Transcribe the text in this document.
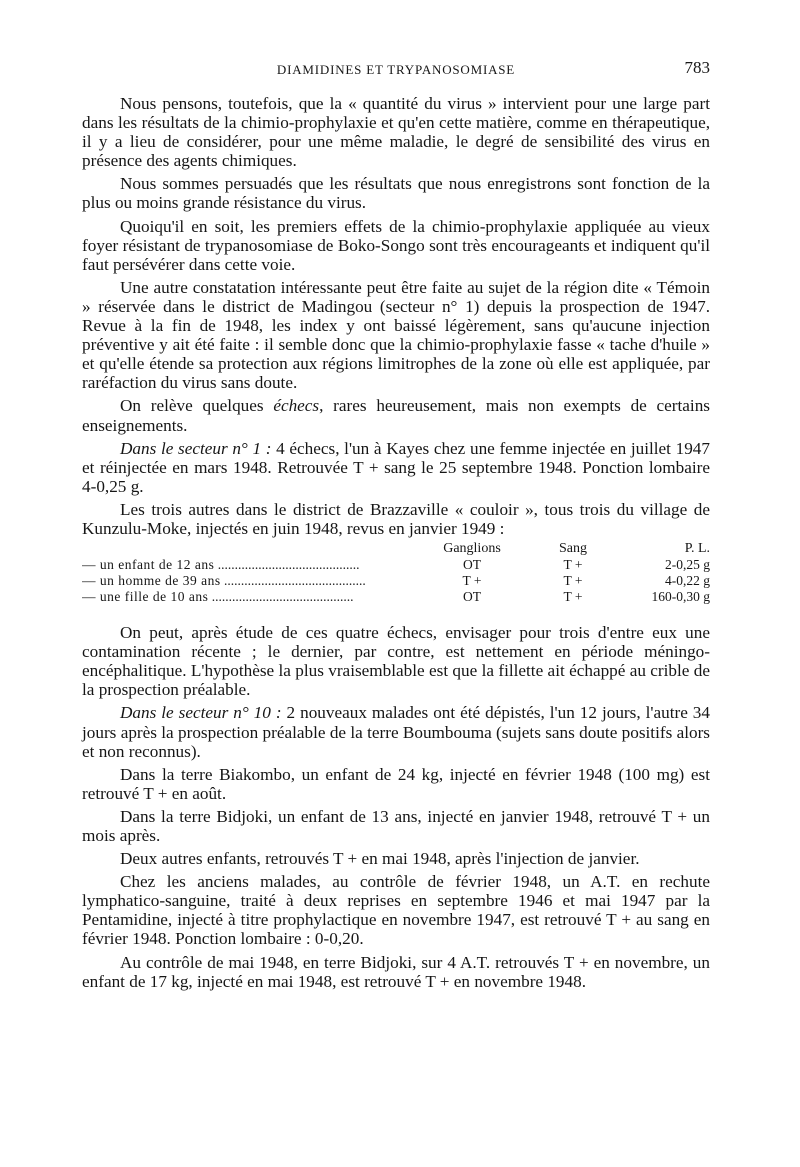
DIAMIDINES ET TRYPANOSOMIASE	783

Nous pensons, toutefois, que la « quantité du virus » intervient pour une large part dans les résultats de la chimio-prophylaxie et qu'en cette matière, comme en thérapeutique, il y a lieu de considérer, pour une même maladie, le degré de sensibilité des virus en présence des agents chimiques.

Nous sommes persuadés que les résultats que nous enregistrons sont fonction de la plus ou moins grande résistance du virus.

Quoiqu'il en soit, les premiers effets de la chimio-prophylaxie appliquée au vieux foyer résistant de trypanosomiase de Boko-Songo sont très encourageants et indiquent qu'il faut persévérer dans cette voie.

Une autre constatation intéressante peut être faite au sujet de la région dite « Témoin » réservée dans le district de Madingou (secteur n° 1) depuis la prospection de 1947. Revue à la fin de 1948, les index y ont baissé légèrement, sans qu'aucune injection préventive y ait été faite : il semble donc que la chimio-prophylaxie fasse « tache d'huile » et qu'elle étende sa protection aux régions limitrophes de la zone où elle est appliquée, par raréfaction du virus sans doute.

On relève quelques échecs, rares heureusement, mais non exempts de certains enseignements.

Dans le secteur n° 1 : 4 échecs, l'un à Kayes chez une femme injectée en juillet 1947 et réinjectée en mars 1948. Retrouvée T + sang le 25 septembre 1948. Ponction lombaire 4-0,25 g.

Les trois autres dans le district de Brazzaville « couloir », tous trois du village de Kunzulu-Moke, injectés en juin 1948, revus en janvier 1949 :

	Ganglions	Sang	P. L.
— un enfant de 12 ans ..........................................	OT	T +	2-0,25 g
— un homme de 39 ans ..........................................	T +	T +	4-0,22 g
— une fille de 10 ans ..........................................	OT	T +	160-0,30 g

On peut, après étude de ces quatre échecs, envisager pour trois d'entre eux une contamination récente ; le dernier, par contre, est nettement en période méningo-encéphalitique. L'hypothèse la plus vraisemblable est que la fillette ait échappé au crible de la prospection préalable.

Dans le secteur n° 10 : 2 nouveaux malades ont été dépistés, l'un 12 jours, l'autre 34 jours après la prospection préalable de la terre Boumbouma (sujets sans doute positifs alors et non reconnus).

Dans la terre Biakombo, un enfant de 24 kg, injecté en février 1948 (100 mg) est retrouvé T + en août.

Dans la terre Bidjoki, un enfant de 13 ans, injecté en janvier 1948, retrouvé T + un mois après.

Deux autres enfants, retrouvés T + en mai 1948, après l'injection de janvier.

Chez les anciens malades, au contrôle de février 1948, un A.T. en rechute lymphatico-sanguine, traité à deux reprises en septembre 1946 et mai 1947 par la Pentamidine, injecté à titre prophylactique en novembre 1947, est retrouvé T + au sang en février 1948. Ponction lombaire : 0-0,20.

Au contrôle de mai 1948, en terre Bidjoki, sur 4 A.T. retrouvés T + en novembre, un enfant de 17 kg, injecté en mai 1948, est retrouvé T + en novembre 1948.
